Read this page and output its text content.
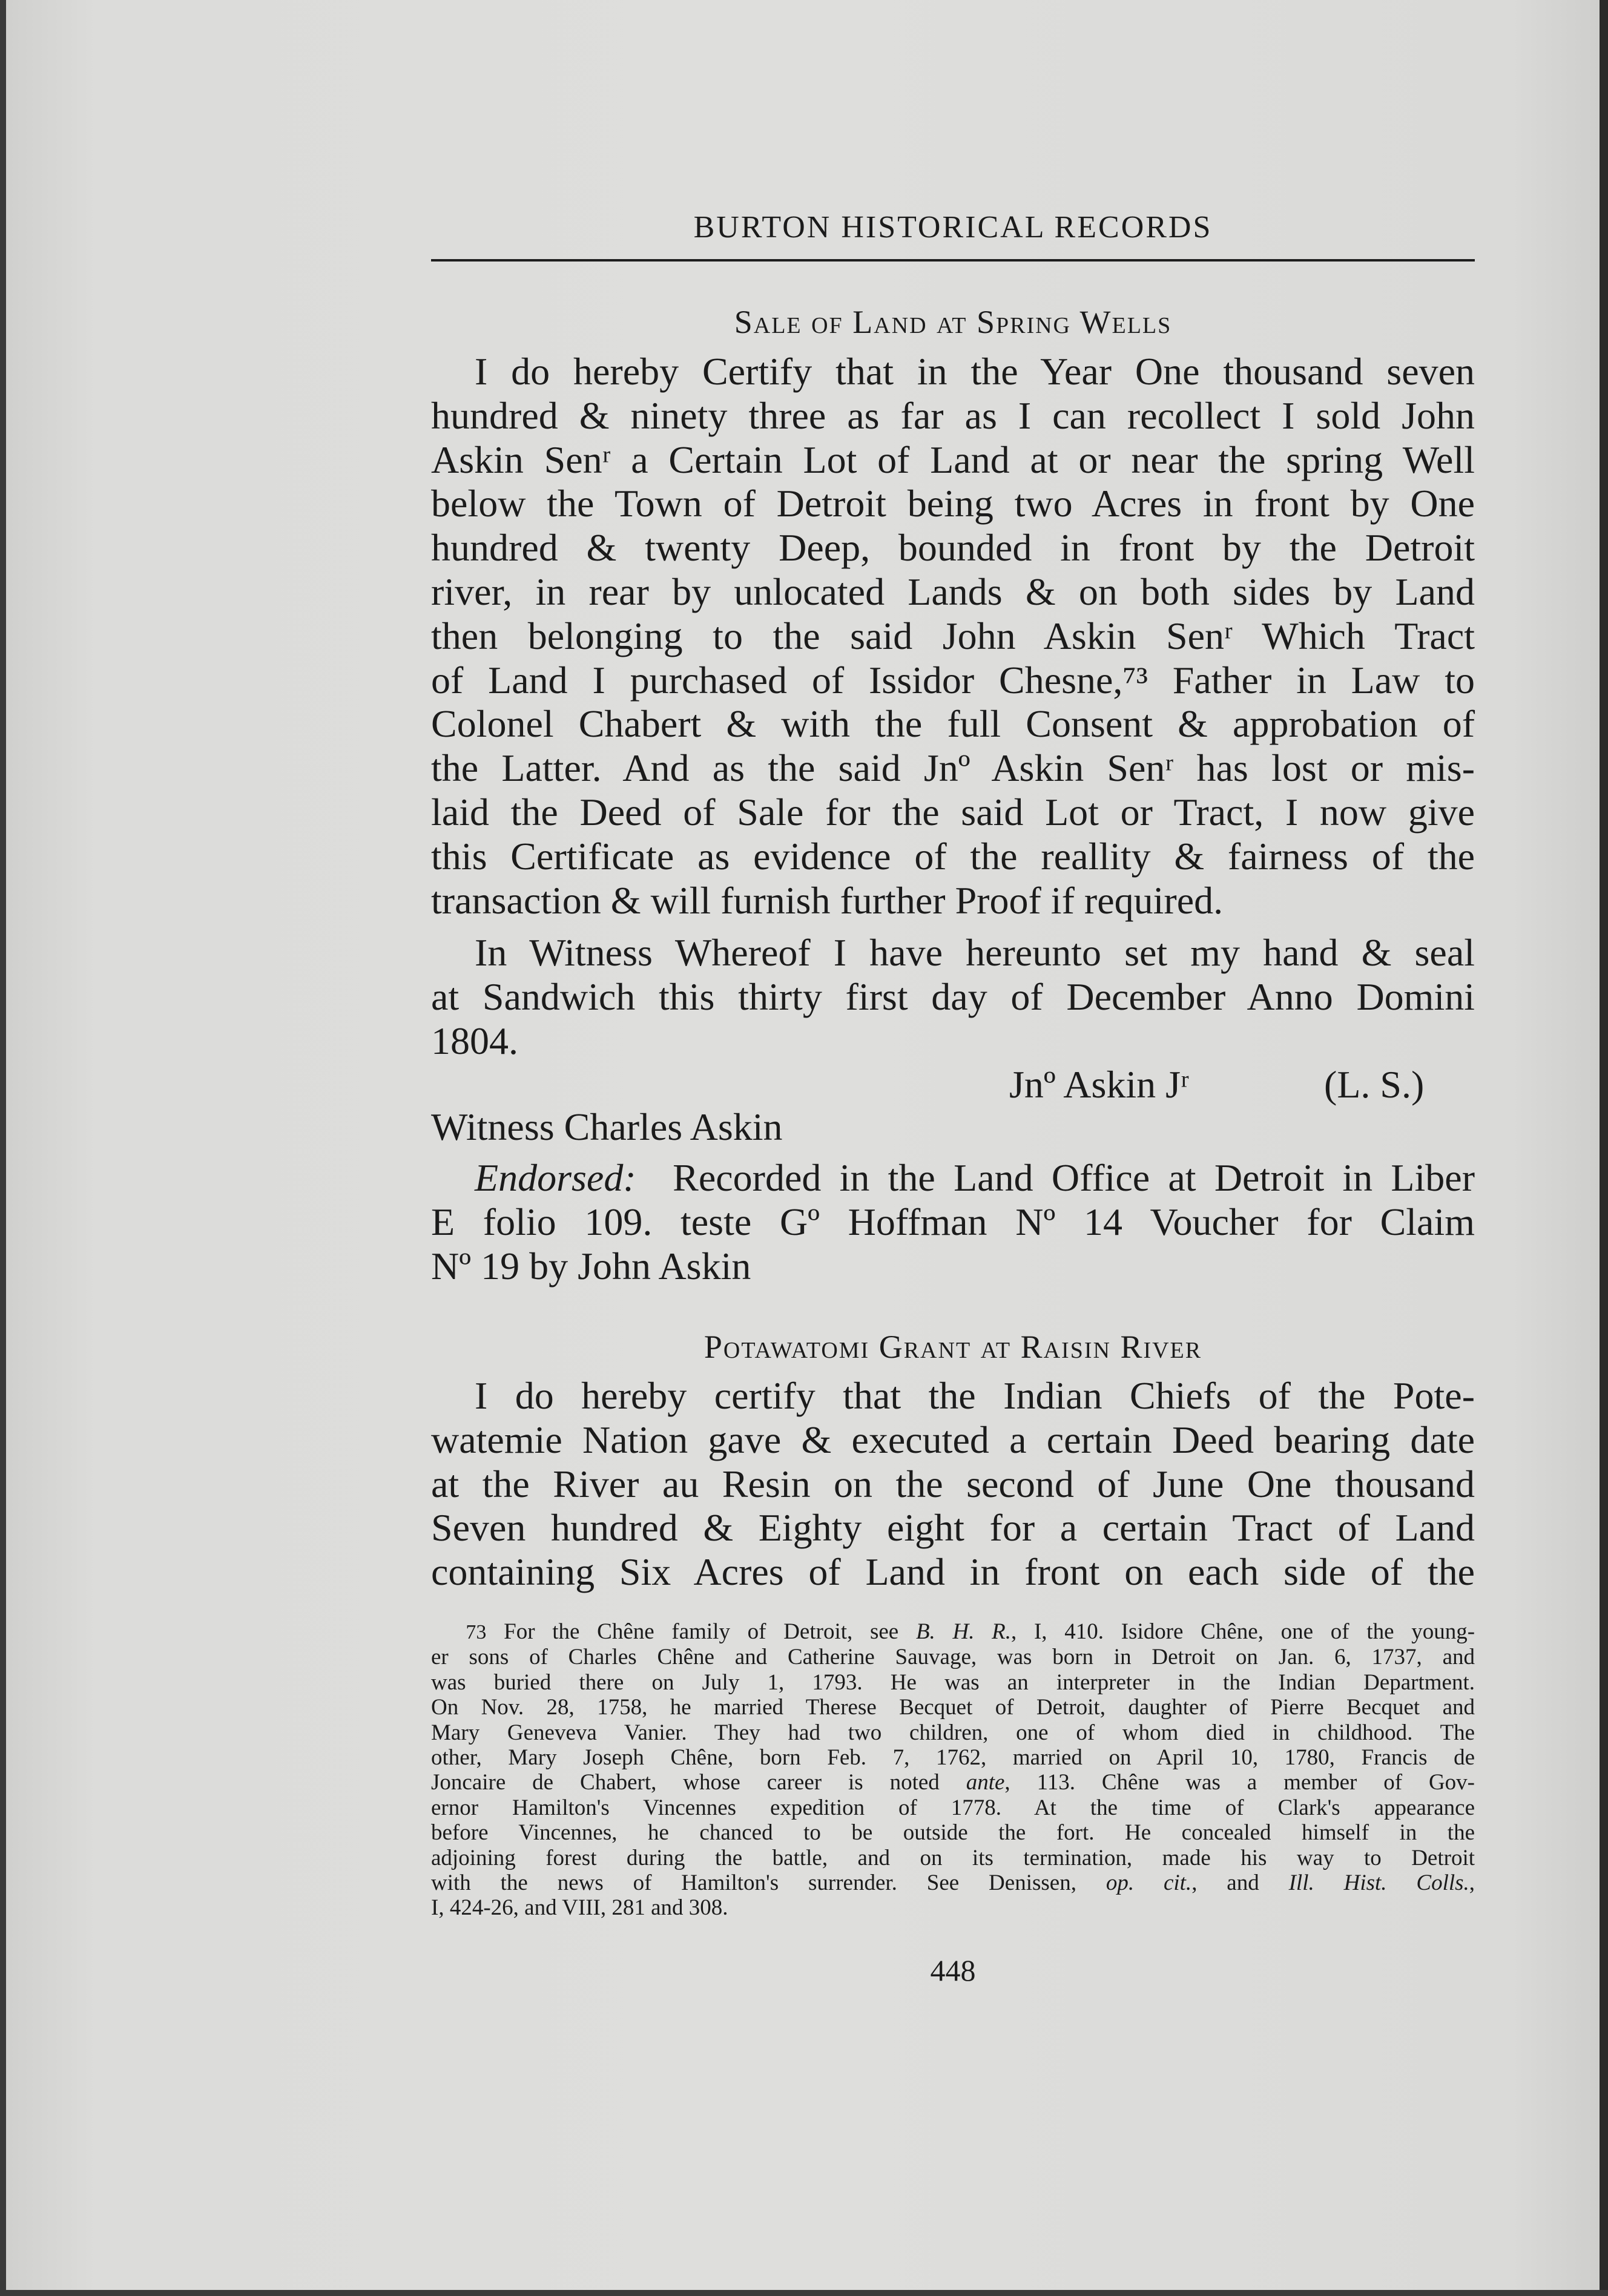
BURTON HISTORICAL RECORDS
Sale of Land at Spring Wells
I do hereby Certify that in the Year One thousand seven
hundred & ninety three as far as I can recollect I sold John
Askin Senʳ a Certain Lot of Land at or near the spring Well
below the Town of Detroit being two Acres in front by One
hundred & twenty Deep, bounded in front by the Detroit
river, in rear by unlocated Lands & on both sides by Land
then belonging to the said John Askin Senʳ Which Tract
of Land I purchased of Issidor Chesne,⁷³ Father in Law to
Colonel Chabert & with the full Consent & approbation of
the Latter. And as the said Jnº Askin Senʳ has lost or mis-
laid the Deed of Sale for the said Lot or Tract, I now give
this Certificate as evidence of the reallity & fairness of the
transaction & will furnish further Proof if required.
In Witness Whereof I have hereunto set my hand & seal
at Sandwich this thirty first day of December Anno Domini
1804.
Jnº Askin Jʳ	(L. S.)
Witness Charles Askin
Endorsed: Recorded in the Land Office at Detroit in Liber
E folio 109. teste Gº Hoffman Nº 14 Voucher for Claim
Nº 19 by John Askin
Potawatomi Grant at Raisin River
I do hereby certify that the Indian Chiefs of the Pote-
watemie Nation gave & executed a certain Deed bearing date
at the River au Resin on the second of June One thousand
Seven hundred & Eighty eight for a certain Tract of Land
containing Six Acres of Land in front on each side of the
73 For the Chêne family of Detroit, see B. H. R., I, 410. Isidore Chêne, one of the young-
er sons of Charles Chêne and Catherine Sauvage, was born in Detroit on Jan. 6, 1737, and
was buried there on July 1, 1793. He was an interpreter in the Indian Department.
On Nov. 28, 1758, he married Therese Becquet of Detroit, daughter of Pierre Becquet and
Mary Geneveva Vanier. They had two children, one of whom died in childhood. The
other, Mary Joseph Chêne, born Feb. 7, 1762, married on April 10, 1780, Francis de
Joncaire de Chabert, whose career is noted ante, 113. Chêne was a member of Gov-
ernor Hamilton's Vincennes expedition of 1778. At the time of Clark's appearance
before Vincennes, he chanced to be outside the fort. He concealed himself in the
adjoining forest during the battle, and on its termination, made his way to Detroit
with the news of Hamilton's surrender. See Denissen, op. cit., and Ill. Hist. Colls.,
I, 424-26, and VIII, 281 and 308.
448
